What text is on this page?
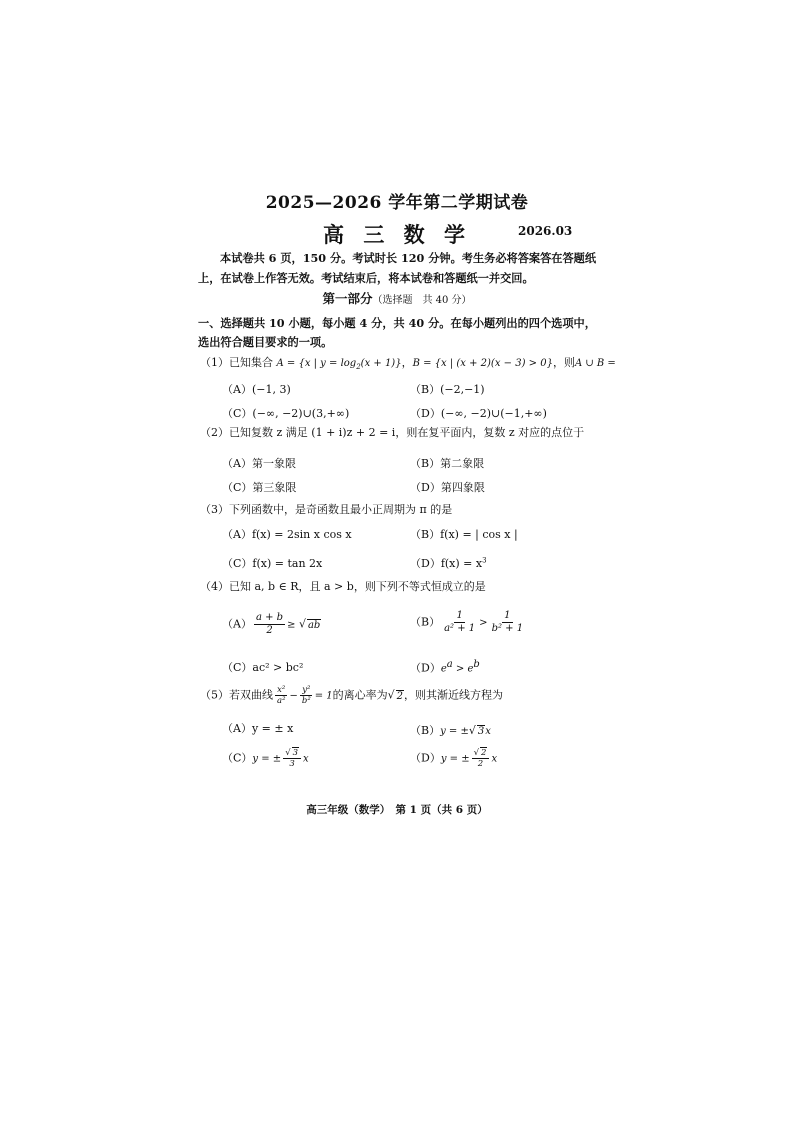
2025—2026 学年第二学期试卷
高 三 数 学	2026.03
本试卷共 6 页，150 分。考试时长 120 分钟。考生务必将答案答在答题纸上，在试卷上作答无效。考试结束后，将本试卷和答题纸一并交回。
第一部分（选择题　共 40 分）
一、选择题共 10 小题，每小题 4 分，共 40 分。在每小题列出的四个选项中，选出符合题目要求的一项。
（1）已知集合 A = {x | $y = \log_2(x + 1)$}，B = {x | (x + 2)(x − 3) > 0}，则A ∪ B =
（A）(−1, 3)	（B）(−2,−1)
（C）(−∞, −2)∪(3,+∞)	（D）(−∞, −2)∪(−1,+∞)
（2）已知复数 z 满足 (1 + i)z + 2 = i，则在复平面内，复数 z 对应的点位于
（A）第一象限	（B）第二象限
（C）第三象限	（D）第四象限
（3）下列函数中，是奇函数且最小正周期为 π 的是
（A）f(x) = 2sin x cos x	（B）f(x) = | cos x |
（C）f(x) = tan 2x	$(D)f(x) = x^3$
（4）已知 a, b ∈ R，且 a > b，则下列不等式恒成立的是
$(A) \frac{a + b}{2}$ ≥ √ ab	$(B) \frac{1}{\text{a² + 1}} > \frac{1}{\text{b² + 1}}$
（C）ac² > bc²	$(D)e^a > e^b$
（5）若双曲线 $\frac{\text{x²}}{\text{a²}} - \frac{\text{y²}}{\text{b²}} = 1$的离心率为√ 2，则其渐近线方程为
（A）y = ± x	（B）y = ±√ 3x
（C）y = ± $\frac{√ 3}{3}$ x	（D）y = ± $\frac{√ 2}{2}$ x
高三年级（数学）　第 1 页（共 6 页）
